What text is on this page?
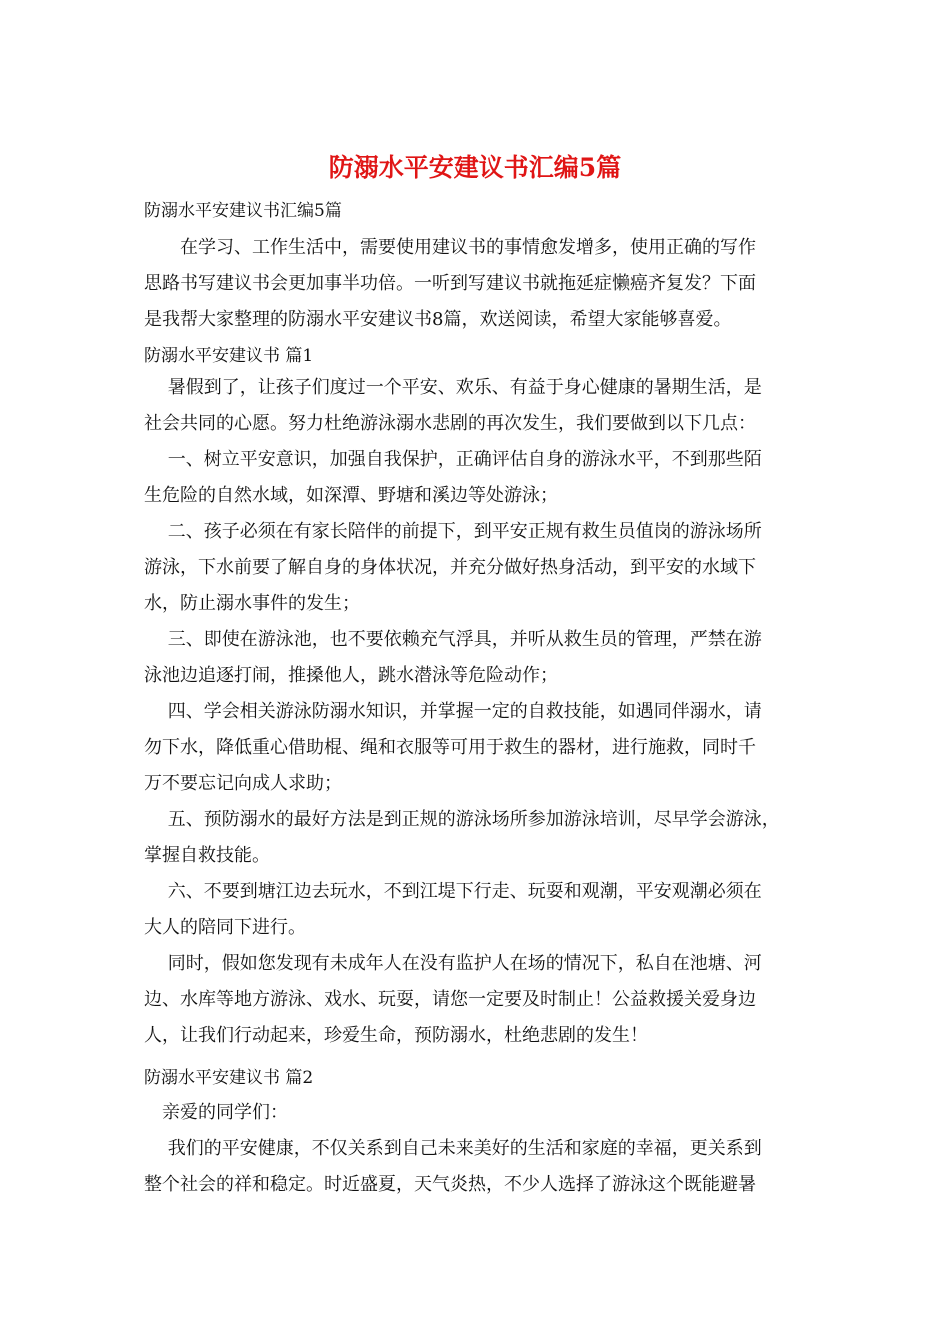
防溺水平安建议书汇编5篇
防溺水平安建议书汇编5篇
　　在学习、工作生活中，需要使用建议书的事情愈发增多，使用正确的写作
思路书写建议书会更加事半功倍。一听到写建议书就拖延症懒癌齐复发？下面
是我帮大家整理的防溺水平安建议书8篇，欢送阅读，希望大家能够喜爱。
防溺水平安建议书 篇1
　 暑假到了，让孩子们度过一个平安、欢乐、有益于身心健康的暑期生活，是
社会共同的心愿。努力杜绝游泳溺水悲剧的再次发生，我们要做到以下几点：
　 一、树立平安意识，加强自我保护，正确评估自身的游泳水平，不到那些陌
生危险的自然水域，如深潭、野塘和溪边等处游泳；
　 二、孩子必须在有家长陪伴的前提下，到平安正规有救生员值岗的游泳场所
游泳，下水前要了解自身的身体状况，并充分做好热身活动，到平安的水域下
水，防止溺水事件的发生；
　 三、即使在游泳池，也不要依赖充气浮具，并听从救生员的管理，严禁在游
泳池边追逐打闹，推搡他人，跳水潜泳等危险动作；
　 四、学会相关游泳防溺水知识，并掌握一定的自救技能，如遇同伴溺水，请
勿下水，降低重心借助棍、绳和衣服等可用于救生的器材，进行施救，同时千
万不要忘记向成人求助；
　 五、预防溺水的最好方法是到正规的游泳场所参加游泳培训，尽早学会游泳，
掌握自救技能。
　 六、不要到塘江边去玩水，不到江堤下行走、玩耍和观潮，平安观潮必须在
大人的陪同下进行。
　 同时，假如您发现有未成年人在没有监护人在场的情况下，私自在池塘、河
边、水库等地方游泳、戏水、玩耍，请您一定要及时制止！公益救援关爱身边
人，让我们行动起来，珍爱生命，预防溺水，杜绝悲剧的发生！
防溺水平安建议书 篇2
　亲爱的同学们：
　 我们的平安健康，不仅关系到自己未来美好的生活和家庭的幸福，更关系到
整个社会的祥和稳定。时近盛夏，天气炎热，不少人选择了游泳这个既能避暑
